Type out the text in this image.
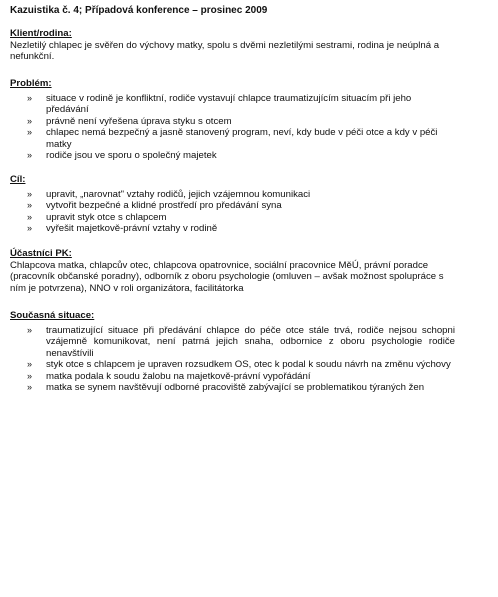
Kazuistika č. 4; Případová konference – prosinec 2009

Klient/rodina:

Nezletilý chlapec je svěřen do výchovy matky, spolu s dvěmi nezletilými sestrami, rodina je neúplná a nefunkční.

Problém:

» situace v rodině je konfliktní, rodiče vystavují chlapce traumatizujícím situacím při jeho předávání
» právně není vyřešena úprava styku s otcem
» chlapec nemá bezpečný a jasně stanovený program, neví, kdy bude v péči otce a kdy v péči matky
» rodiče jsou ve sporu o společný majetek

Cíl:

» upravit, „narovnat" vztahy rodičů, jejich vzájemnou komunikaci
» vytvořit bezpečné a klidné prostředí pro předávání syna
» upravit styk otce s chlapcem
» vyřešit majetkově-právní vztahy v rodině

Účastníci PK:

Chlapcova matka, chlapcův otec, chlapcova opatrovnice, sociální pracovnice MěÚ, právní poradce (pracovník občanské poradny), odborník z oboru psychologie (omluven – avšak možnost spolupráce s ním je potvrzena), NNO v roli organizátora, facilitátorka

Současná situace:

» traumatizující situace při předávání chlapce do péče otce stále trvá, rodiče nejsou schopni vzájemně komunikovat, není patrná jejich snaha, odbornice z oboru psychologie rodiče nenavštívili
» styk otce s chlapcem je upraven rozsudkem OS, otec k podal k soudu návrh na změnu výchovy
» matka podala k soudu žalobu na majetkově-právní vypořádání
» matka se synem navštěvují odborné pracoviště zabývající se problematikou týraných žen
